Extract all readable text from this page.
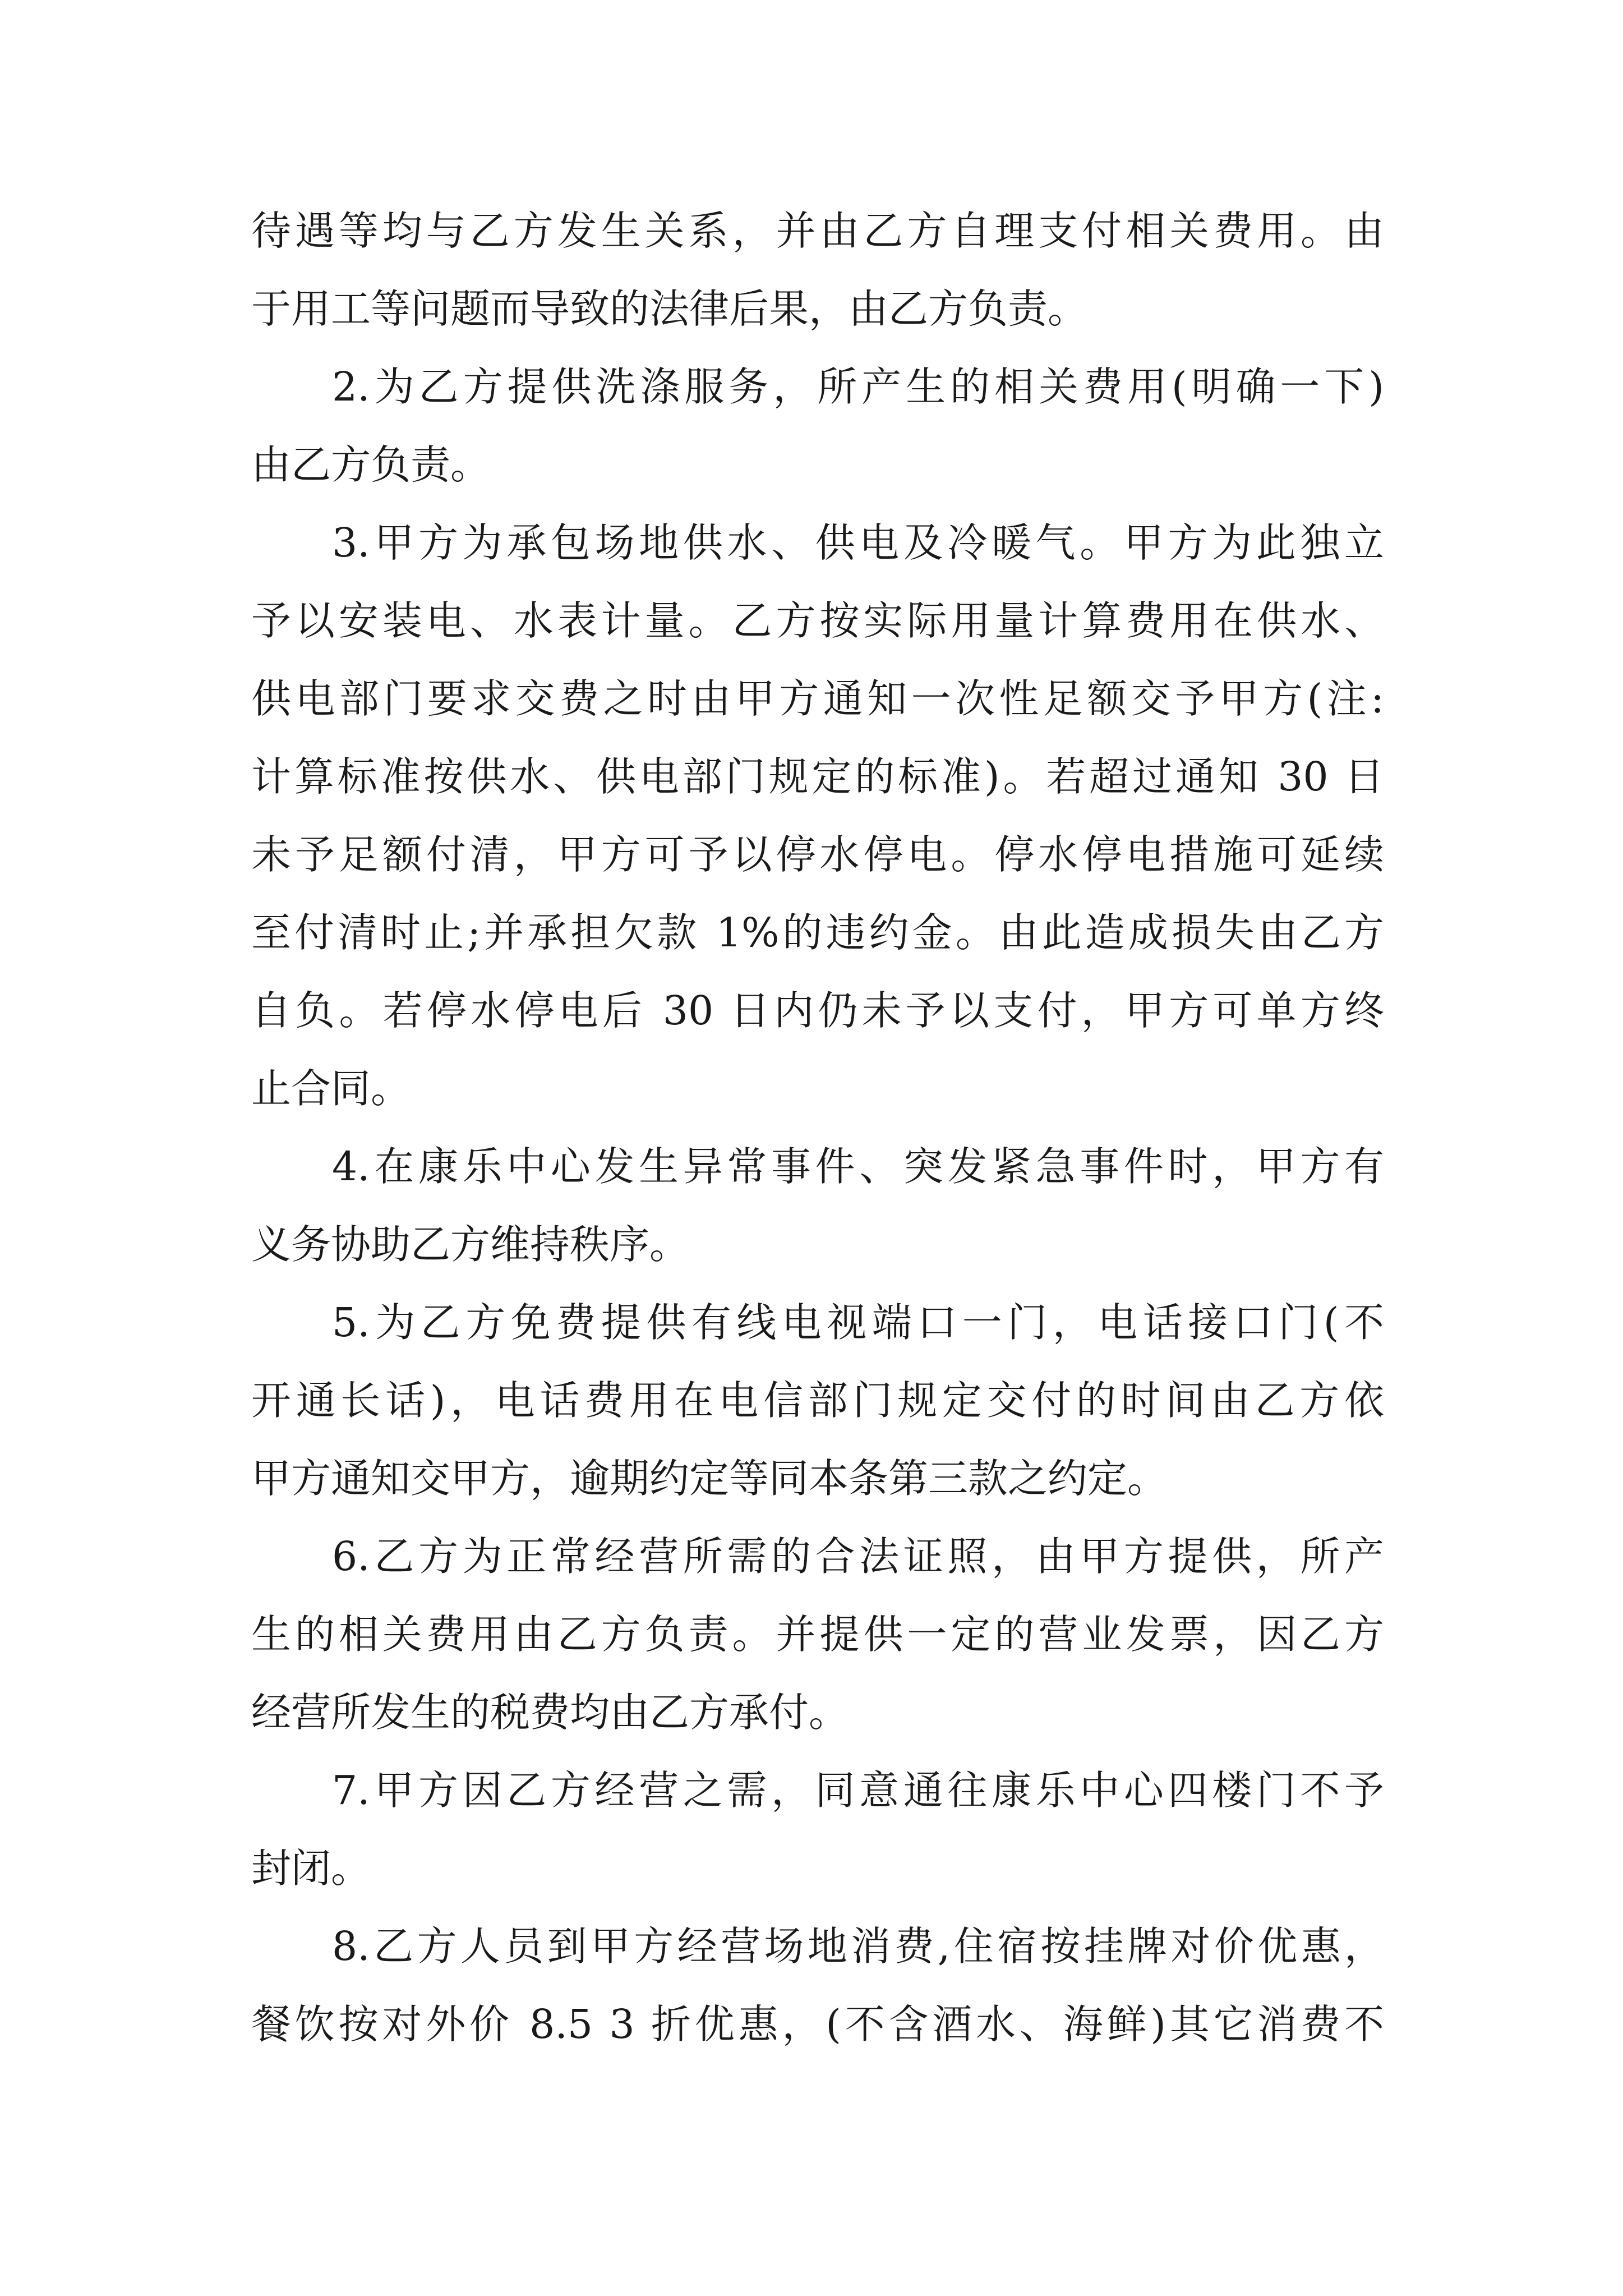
待遇等均与乙方发生关系，并由乙方自理支付相关费用。由
于用工等问题而导致的法律后果，由乙方负责。
2.为乙方提供洗涤服务，所产生的相关费用(明确一下)
由乙方负责。
3.甲方为承包场地供水、供电及冷暖气。甲方为此独立
予以安装电、水表计量。乙方按实际用量计算费用在供水、
供电部门要求交费之时由甲方通知一次性足额交予甲方(注:
计算标准按供水、供电部门规定的标准)。若超过通知 30 日
未予足额付清，甲方可予以停水停电。停水停电措施可延续
至付清时止;并承担欠款 1%的违约金。由此造成损失由乙方
自负。若停水停电后 30 日内仍未予以支付，甲方可单方终
止合同。
4.在康乐中心发生异常事件、突发紧急事件时，甲方有
义务协助乙方维持秩序。
5.为乙方免费提供有线电视端口一门，电话接口门(不
开通长话)，电话费用在电信部门规定交付的时间由乙方依
甲方通知交甲方，逾期约定等同本条第三款之约定。
6.乙方为正常经营所需的合法证照，由甲方提供，所产
生的相关费用由乙方负责。并提供一定的营业发票，因乙方
经营所发生的税费均由乙方承付。
7.甲方因乙方经营之需，同意通往康乐中心四楼门不予
封闭。
8.乙方人员到甲方经营场地消费,住宿按挂牌对价优惠，
餐饮按对外价 8.5 3 折优惠，(不含酒水、海鲜)其它消费不
